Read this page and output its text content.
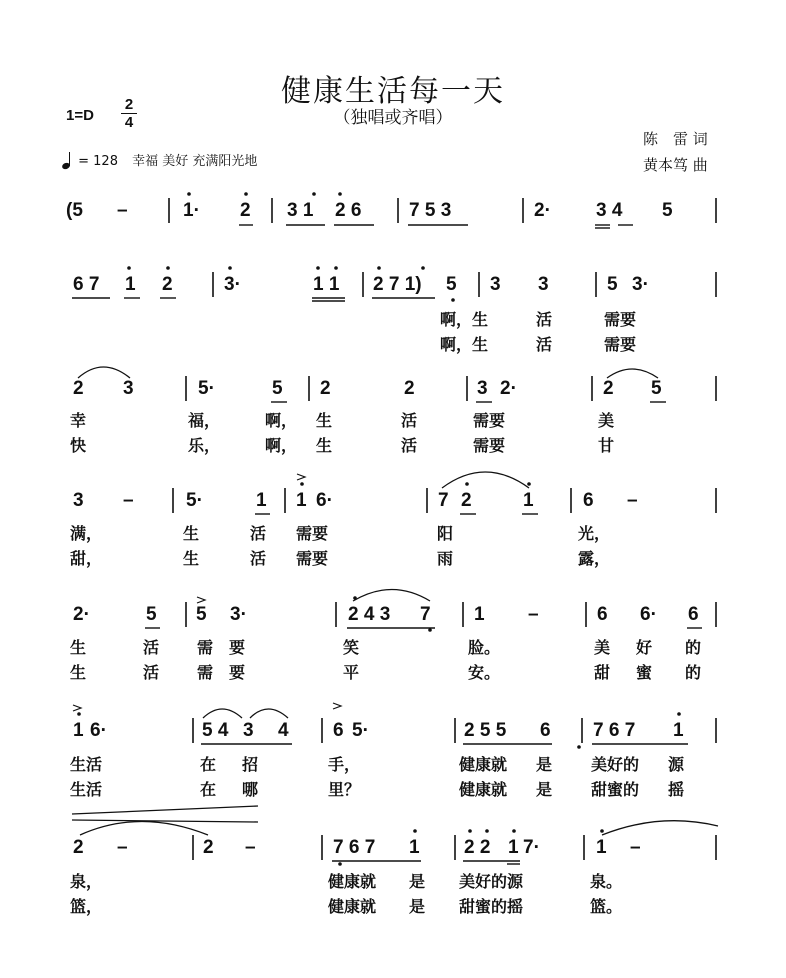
健康生活每一天
（独唱或齐唱）
1=D
2
4
陈　雷 词
黄本笃 曲
= 128 幸福 美好 充满阳光地
(5 –	1· 2 3 1 2 6	7 5 3	2· 3 4 5
6 7 1 2	3·	1 1 2 7 1) 5 3 3	5 3·
啊，生	活	需要
啊，生	活	需要
2 3	5·	5 2	2	3 2·	2 5
幸	福，	啊， 生	活	需要	美
快	乐，	啊， 生	活	需要	甘
3 –	5·	1 1 6·	7 2	1	6 –
满，	生	活 需要	阳	光，
甜，	生	活 需要	雨	露，
2·	5 5 3·	2 4 3 7 1 –	6 6· 6
生	活 需 要	笑	脸。	美 好 的
生	活 需 要	平	安。	甜 蜜 的
1 6·	5 4 3 4 6 5·	2 5 5 6 7 6 7 1
生活	在 招	手，	健康就 是 美好的 源
生活	在 哪	里？	健康就 是 甜蜜的 摇
2 –	2 –	7 6 7 1 2 2 1 7·	1 –
泉，	健康就 是 美好的源	泉。
篮，	健康就 是 甜蜜的摇	篮。
